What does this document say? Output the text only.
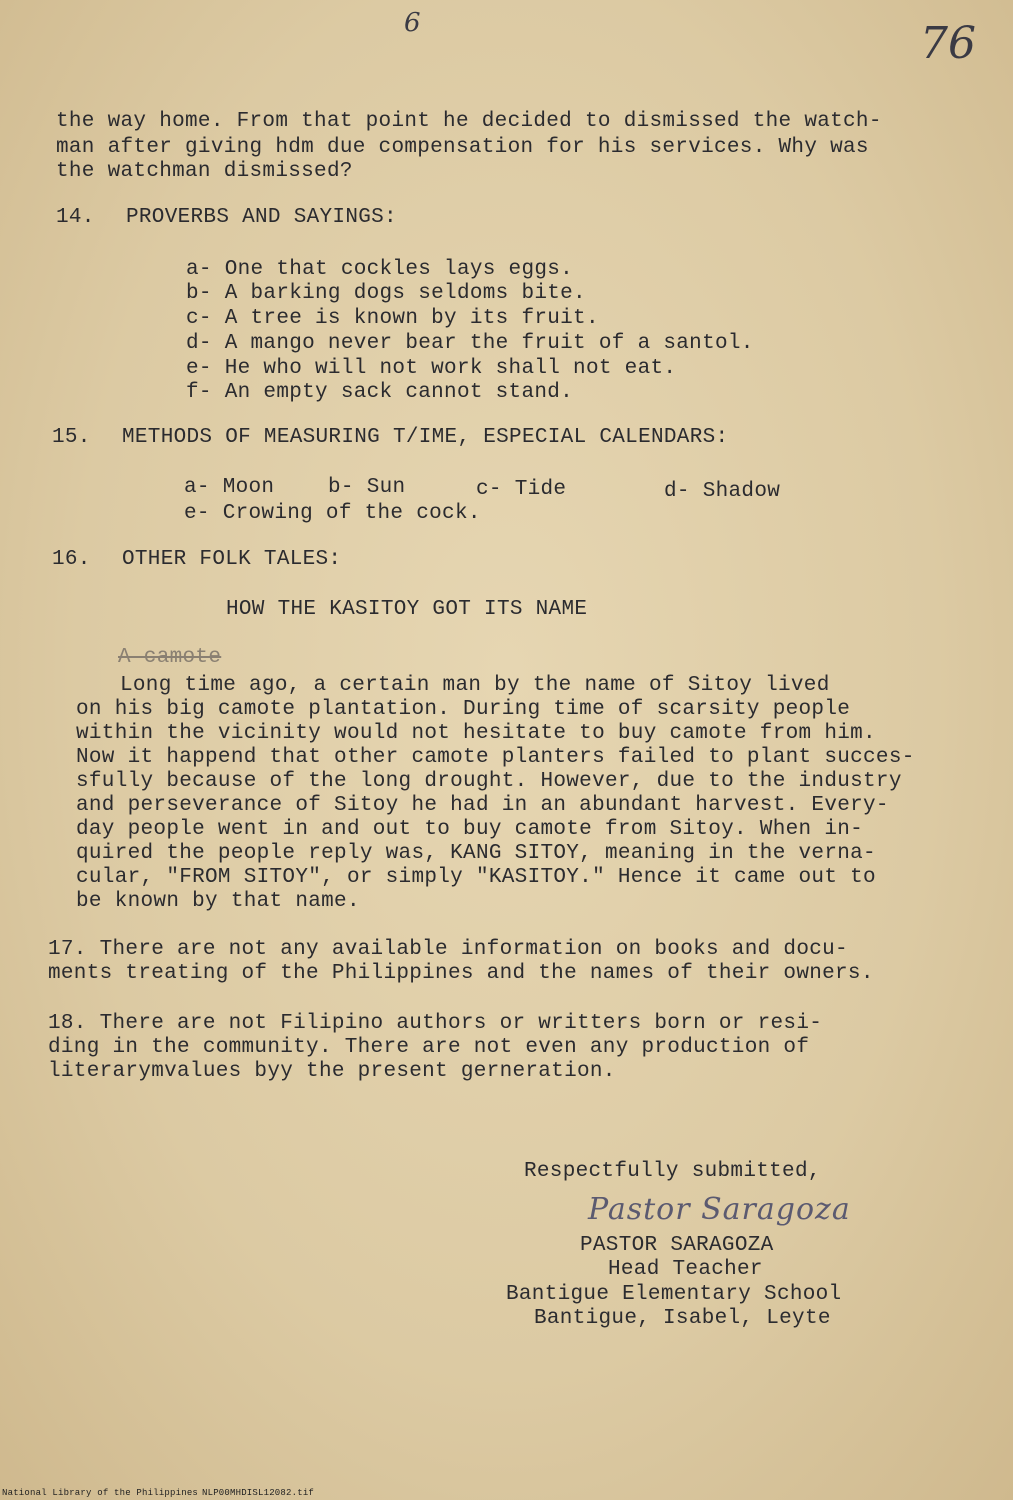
6	76
the way home. From that point he decided to dismissed the watch-
man after giving hdm due compensation for his services. Why was
the watchman dismissed?
14. PROVERBS AND SAYINGS:
a- One that cockles lays eggs.
b- A barking dogs seldoms bite.
c- A tree is known by its fruit.
d- A mango never bear the fruit of a santol.
e- He who will not work shall not eat.
f- An empty sack cannot stand.
15. METHODS OF MEASURING T/IME, ESPECIAL CALENDARS:
a- Moon	b- Sun	c- Tide	d- Shadow
e- Crowing of the cock.
16. OTHER FOLK TALES:
HOW THE KASITOY GOT ITS NAME
A camote
Long time ago, a certain man by the name of Sitoy lived
on his big camote plantation. During time of scarsity people
within the vicinity would not hesitate to buy camote from him.
Now it happend that other camote planters failed to plant succes-
sfully because of the long drought. However, due to the industry
and perseverance of Sitoy he had in an abundant harvest. Every-
day people went in and out to buy camote from Sitoy. When in-
quired the people reply was, KANG SITOY, meaning in the verna-
cular, "FROM SITOY", or simply "KASITOY." Hence it came out to
be known by that name.
17. There are not any available information on books and docu-
ments treating of the Philippines and the names of their owners.
18. There are not Filipino authors or writters born or resi-
ding in the community. There are not even any production of
literarymvalues byy the present gerneration.
Respectfully submitted,
Pastor Saragoza
PASTOR SARAGOZA
Head Teacher
Bantigue Elementary School
Bantigue, Isabel, Leyte
National Library of the Philippines NLP00MHDISL12082.tif
